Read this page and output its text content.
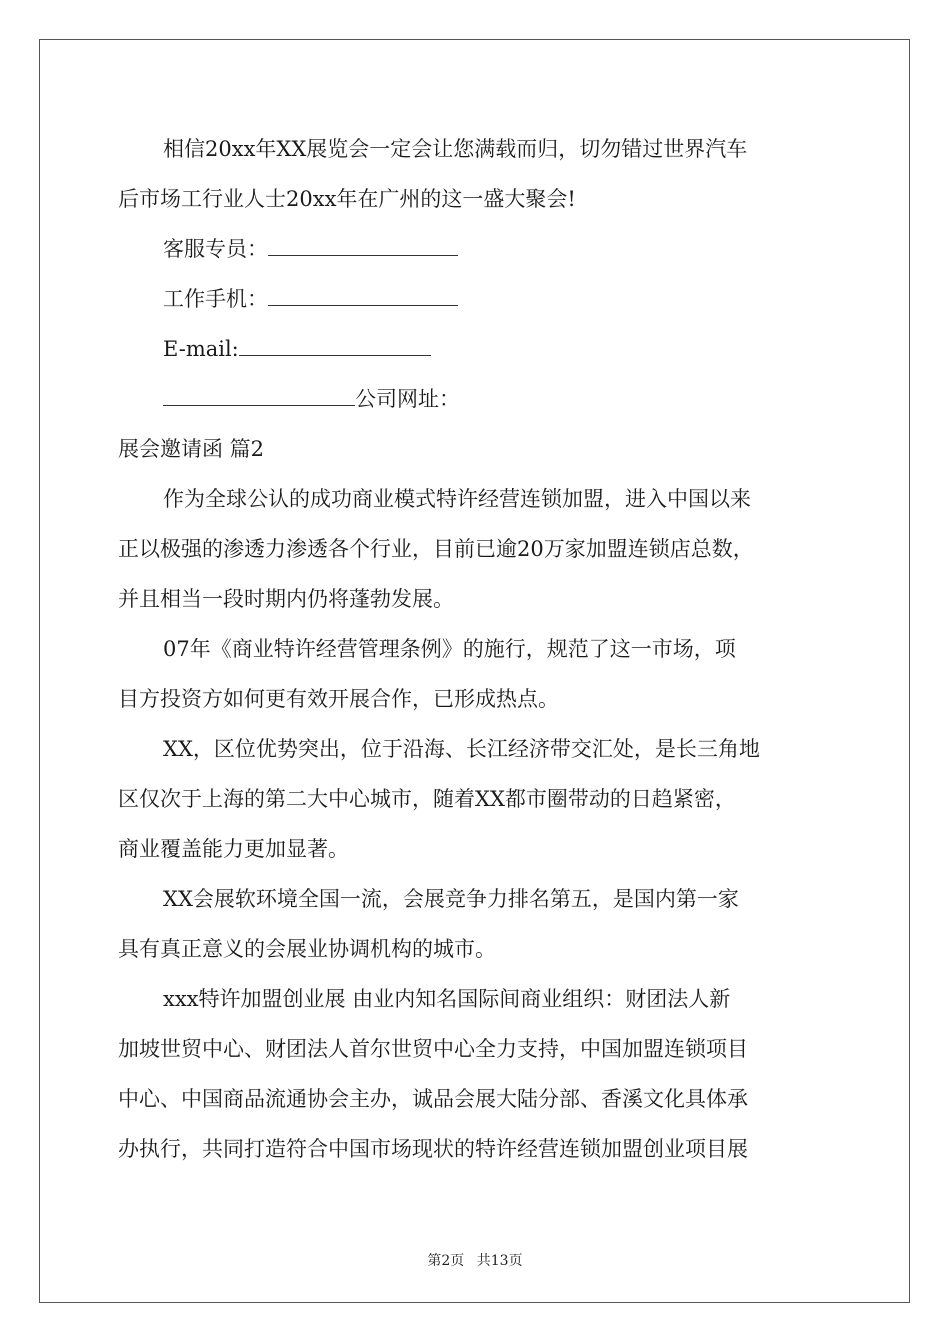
相信20xx年XX展览会一定会让您满载而归，切勿错过世界汽车

后市场工行业人士20xx年在广州的这一盛大聚会!

客服专员：

工作手机：

E-mail:

公司网址：

展会邀请函 篇2

作为全球公认的成功商业模式特许经营连锁加盟，进入中国以来

正以极强的渗透力渗透各个行业，目前已逾20万家加盟连锁店总数，

并且相当一段时期内仍将蓬勃发展。

07年《商业特许经营管理条例》的施行，规范了这一市场，项

目方投资方如何更有效开展合作，已形成热点。

XX，区位优势突出，位于沿海、长江经济带交汇处，是长三角地

区仅次于上海的第二大中心城市，随着XX都市圈带动的日趋紧密，

商业覆盖能力更加显著。

XX会展软环境全国一流，会展竞争力排名第五，是国内第一家

具有真正意义的会展业协调机构的城市。

xxx特许加盟创业展 由业内知名国际间商业组织：财团法人新

加坡世贸中心、财团法人首尔世贸中心全力支持，中国加盟连锁项目

中心、中国商品流通协会主办，诚品会展大陆分部、香溪文化具体承

办执行，共同打造符合中国市场现状的特许经营连锁加盟创业项目展

第2页 共13页
